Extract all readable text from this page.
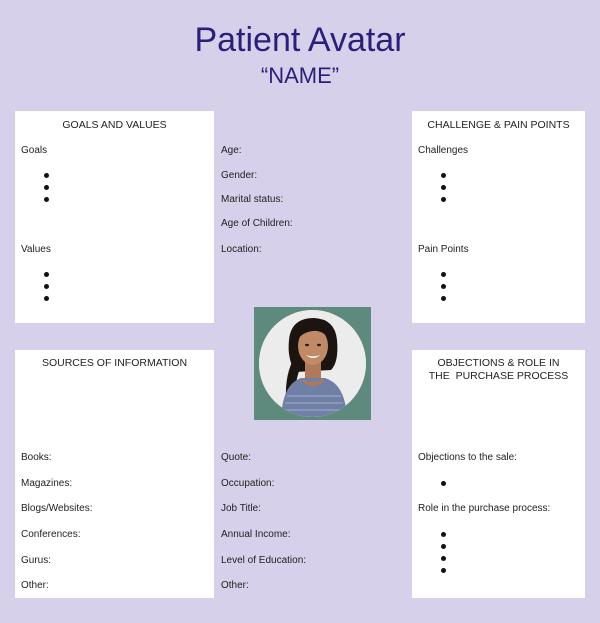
Patient Avatar
“NAME”
GOALS AND VALUES
Goals
Values
Age:
Gender:
Marital status:
Age of Children:
Location:
CHALLENGE & PAIN POINTS
Challenges
Pain Points
SOURCES OF INFORMATION
Books:
Magazines:
Blogs/Websites:
Conferences:
Gurus:
Other:
Quote:
Occupation:
Job Title:
Annual Income:
Level of Education:
Other:
OBJECTIONS & ROLE IN
THE  PURCHASE PROCESS
Objections to the sale:
Role in the purchase process:
